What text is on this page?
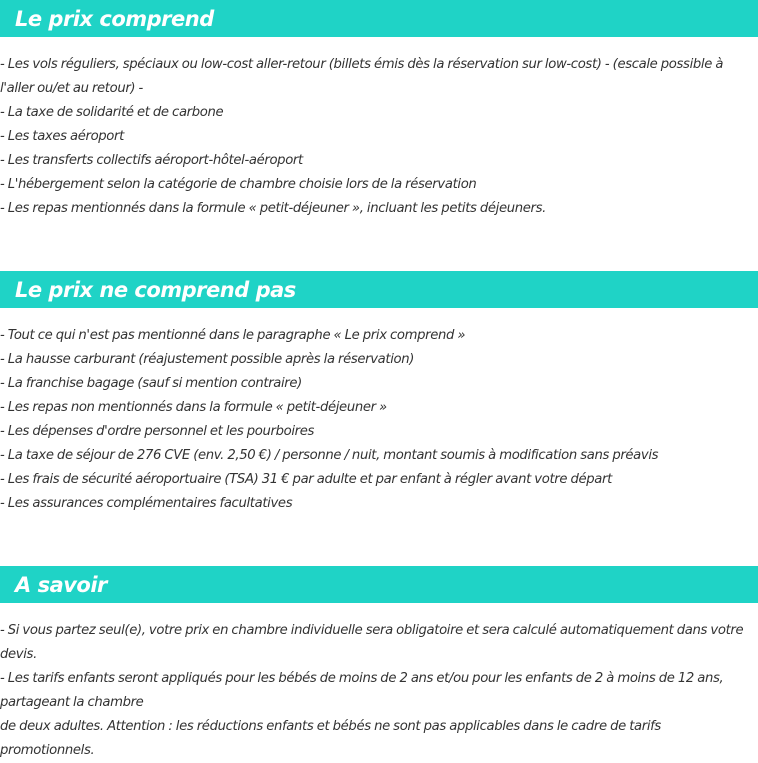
Le prix comprend
- Les vols réguliers, spéciaux ou low-cost aller-retour (billets émis dès la réservation sur low-cost) - (escale possible à l'aller ou/et au retour) -
- La taxe de solidarité et de carbone
- Les taxes aéroport
- Les transferts collectifs aéroport-hôtel-aéroport
- L'hébergement selon la catégorie de chambre choisie lors de la réservation
- Les repas mentionnés dans la formule « petit-déjeuner », incluant les petits déjeuners.
Le prix ne comprend pas
- Tout ce qui n'est pas mentionné dans le paragraphe « Le prix comprend »
- La hausse carburant (réajustement possible après la réservation)
- La franchise bagage (sauf si mention contraire)
- Les repas non mentionnés dans la formule « petit-déjeuner »
- Les dépenses d'ordre personnel et les pourboires
- La taxe de séjour de 276 CVE (env. 2,50 €) / personne / nuit, montant soumis à modification sans préavis
- Les frais de sécurité aéroportuaire (TSA) 31 € par adulte et par enfant à régler avant votre départ
- Les assurances complémentaires facultatives
A savoir
- Si vous partez seul(e), votre prix en chambre individuelle sera obligatoire et sera calculé automatiquement dans votre devis.
- Les tarifs enfants seront appliqués pour les bébés de moins de 2 ans et/ou pour les enfants de 2 à moins de 12 ans, partageant la chambre
de deux adultes. Attention : les réductions enfants et bébés ne sont pas applicables dans le cadre de tarifs promotionnels.
